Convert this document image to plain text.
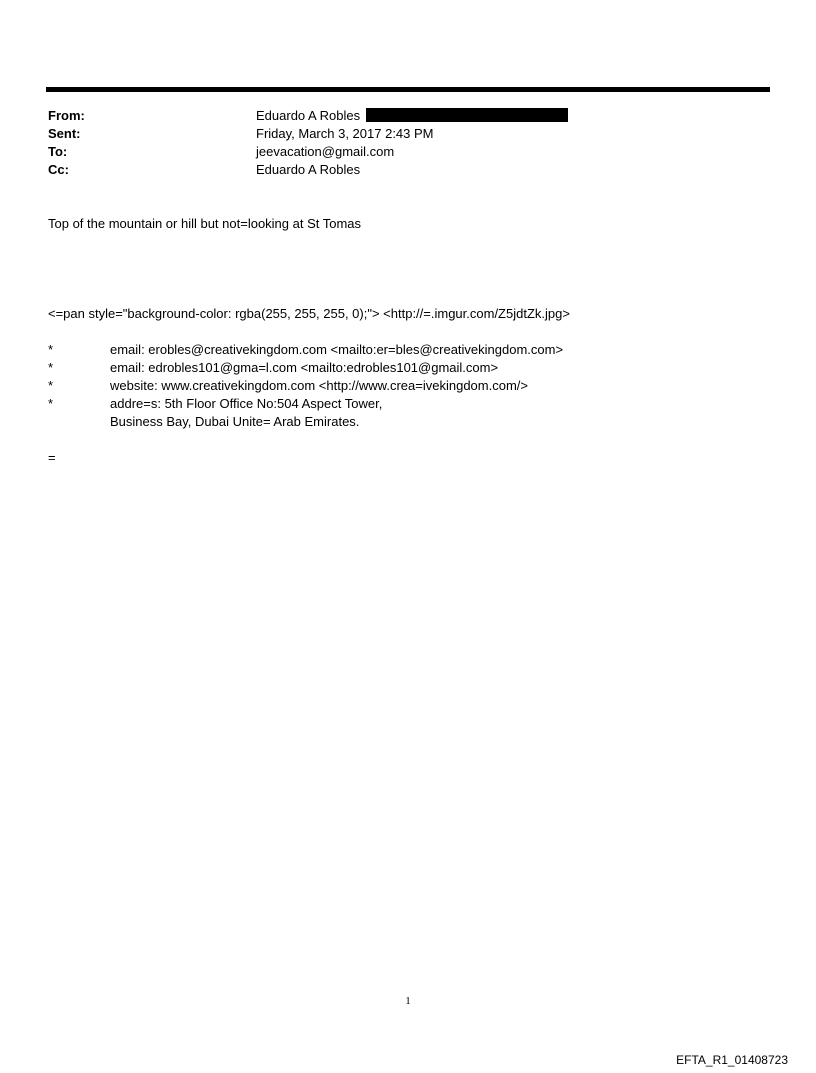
From:	Eduardo A Robles
Sent:	Friday, March 3, 2017 2:43 PM
To:	jeevacation@gmail.com
Cc:	Eduardo A Robles
Top of the mountain or hill but not=looking at St Tomas
<=pan style="background-color: rgba(255, 255, 255, 0);"> <http://=.imgur.com/Z5jdtZk.jpg>
*	email: erobles@creativekingdom.com <mailto:er=bles@creativekingdom.com>
*	email: edrobles101@gma=l.com <mailto:edrobles101@gmail.com>
*	website: www.creativekingdom.com <http://www.crea=ivekingdom.com/>
*	addre=s: 5th Floor Office No:504 Aspect Tower,
Business Bay, Dubai Unite= Arab Emirates.
=
1
EFTA_R1_01408723
